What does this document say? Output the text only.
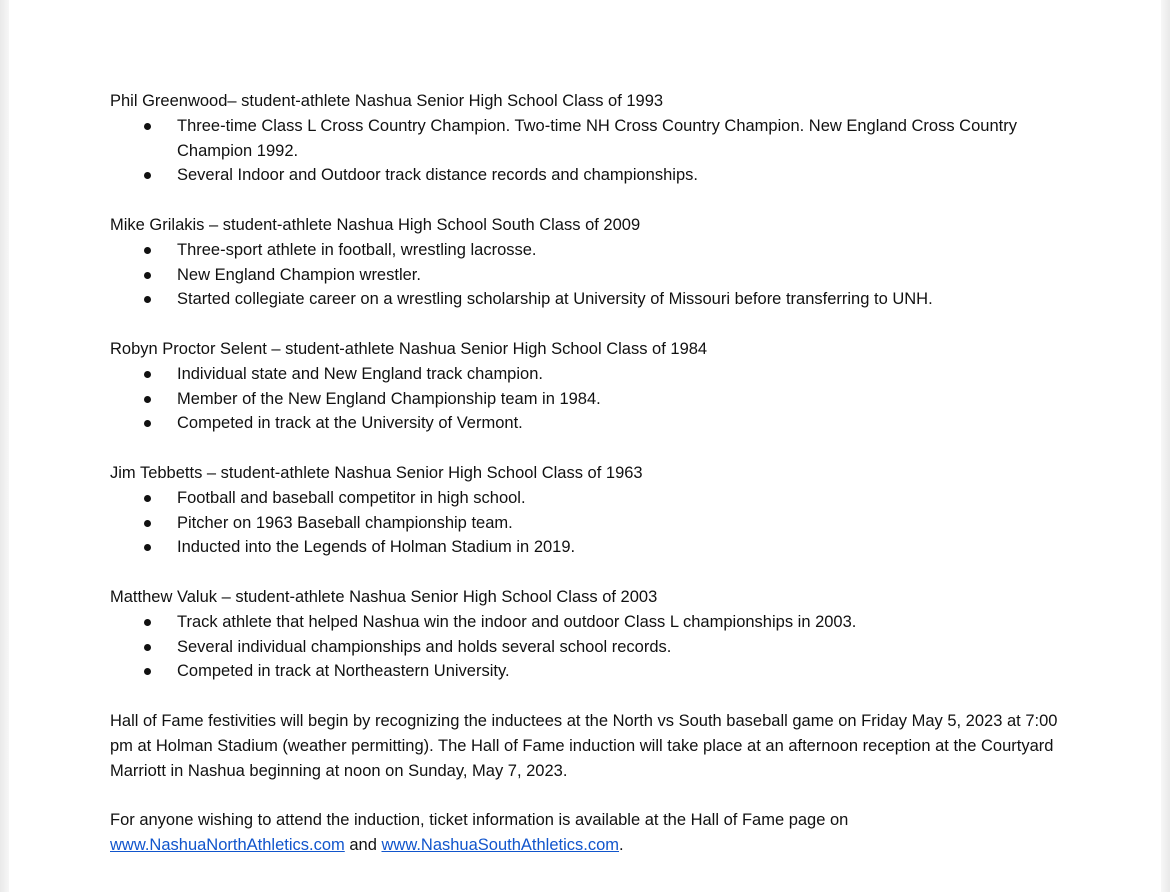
Phil Greenwood– student-athlete Nashua Senior High School Class of 1993

Three-time Class L Cross Country Champion. Two-time NH Cross Country Champion. New England Cross Country Champion 1992.
Several Indoor and Outdoor track distance records and championships.

Mike Grilakis – student-athlete Nashua High School South Class of 2009

Three-sport athlete in football, wrestling lacrosse.
New England Champion wrestler.
Started collegiate career on a wrestling scholarship at University of Missouri before transferring to UNH.

Robyn Proctor Selent – student-athlete Nashua Senior High School Class of 1984

Individual state and New England track champion.
Member of the New England Championship team in 1984.
Competed in track at the University of Vermont.

Jim Tebbetts – student-athlete Nashua Senior High School Class of 1963

Football and baseball competitor in high school.
Pitcher on 1963 Baseball championship team.
Inducted into the Legends of Holman Stadium in 2019.

Matthew Valuk – student-athlete Nashua Senior High School Class of 2003

Track athlete that helped Nashua win the indoor and outdoor Class L championships in 2003.
Several individual championships and holds several school records.
Competed in track at Northeastern University.

Hall of Fame festivities will begin by recognizing the inductees at the North vs South baseball game on Friday May 5, 2023 at 7:00 pm at Holman Stadium (weather permitting). The Hall of Fame induction will take place at an afternoon reception at the Courtyard Marriott in Nashua beginning at noon on Sunday, May 7, 2023.

For anyone wishing to attend the induction, ticket information is available at the Hall of Fame page on
www.NashuaNorthAthletics.com and www.NashuaSouthAthletics.com.
